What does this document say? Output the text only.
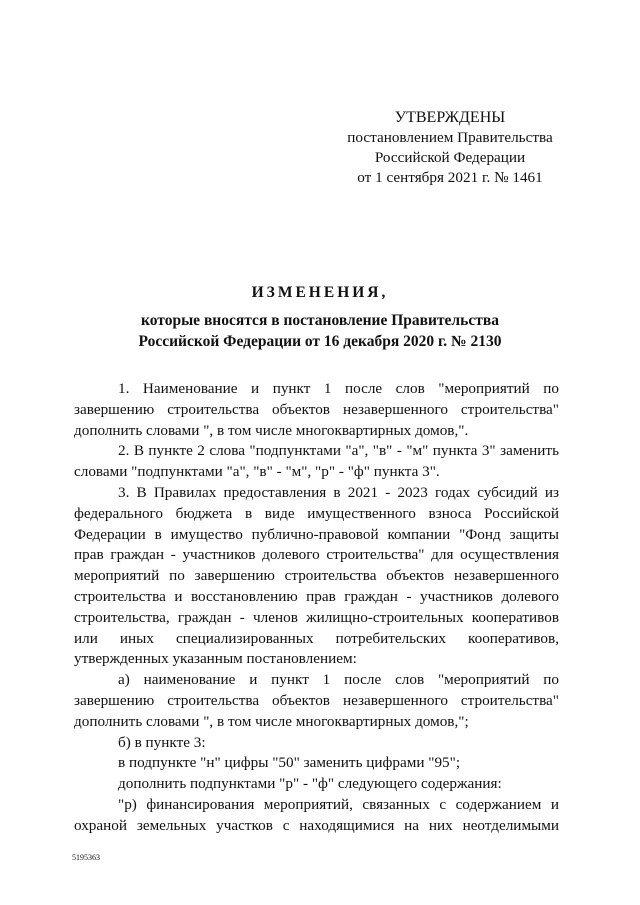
УТВЕРЖДЕНЫ
постановлением Правительства
Российской Федерации
от 1 сентября 2021 г. № 1461
ИЗМЕНЕНИЯ,
которые вносятся в постановление Правительства
Российской Федерации от 16 декабря 2020 г. № 2130

1. Наименование и пункт 1 после слов "мероприятий по завершению строительства объектов незавершенного строительства" дополнить словами ", в том числе многоквартирных домов,".

2. В пункте 2 слова "подпунктами "а", "в" - "м" пункта 3" заменить словами "подпунктами "а", "в" - "м", "р" - "ф" пункта 3".

3. В Правилах предоставления в 2021 - 2023 годах субсидий из федерального бюджета в виде имущественного взноса Российской Федерации в имущество публично-правовой компании "Фонд защиты прав граждан - участников долевого строительства" для осуществления мероприятий по завершению строительства объектов незавершенного строительства и восстановлению прав граждан - участников долевого строительства, граждан - членов жилищно-строительных кооперативов или иных специализированных потребительских кооперативов, утвержденных указанным постановлением:

а) наименование и пункт 1 после слов "мероприятий по завершению строительства объектов незавершенного строительства" дополнить словами ", в том числе многоквартирных домов,";

б) в пункте 3:

в подпункте "н" цифры "50" заменить цифрами "95";

дополнить подпунктами "р" - "ф" следующего содержания:

"р) финансирования мероприятий, связанных с содержанием и охраной земельных участков с находящимися на них неотделимыми

5195363
